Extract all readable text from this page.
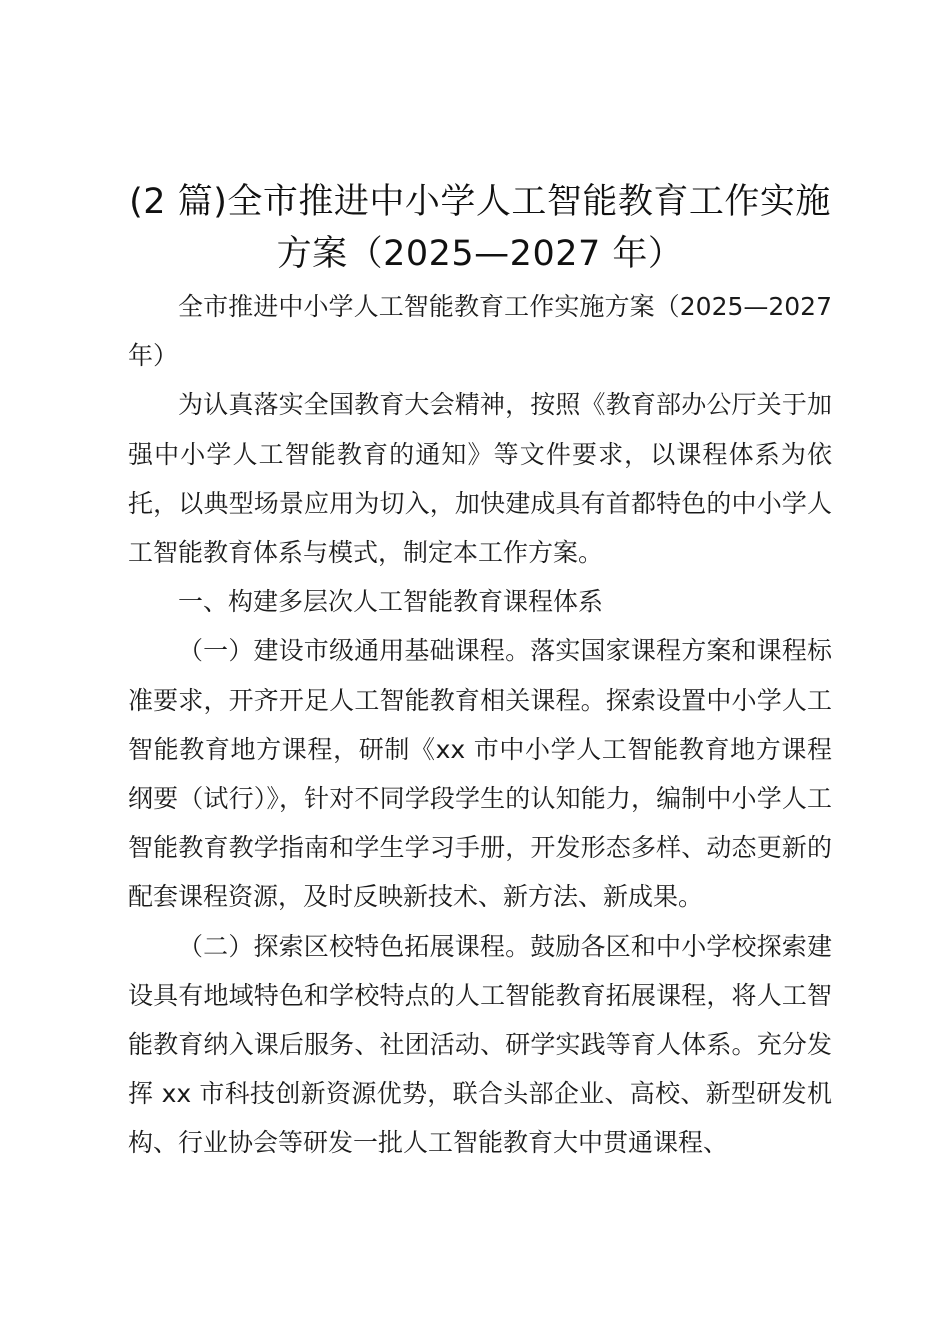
(2 篇)全市推进中小学人工智能教育工作实施
方案（2025—2027 年）

全市推进中小学人工智能教育工作实施方案（2025—2027 年）

为认真落实全国教育大会精神，按照《教育部办公厅关于加强中小学人工智能教育的通知》等文件要求，以课程体系为依托，以典型场景应用为切入，加快建成具有首都特色的中小学人工智能教育体系与模式，制定本工作方案。

一、构建多层次人工智能教育课程体系

（一）建设市级通用基础课程。落实国家课程方案和课程标准要求，开齐开足人工智能教育相关课程。探索设置中小学人工智能教育地方课程，研制《xx 市中小学人工智能教育地方课程纲要（试行）》，针对不同学段学生的认知能力，编制中小学人工智能教育教学指南和学生学习手册，开发形态多样、动态更新的配套课程资源，及时反映新技术、新方法、新成果。

（二）探索区校特色拓展课程。鼓励各区和中小学校探索建设具有地域特色和学校特点的人工智能教育拓展课程，将人工智能教育纳入课后服务、社团活动、研学实践等育人体系。充分发挥 xx 市科技创新资源优势，联合头部企业、高校、新型研发机构、行业协会等研发一批人工智能教育大中贯通课程、
